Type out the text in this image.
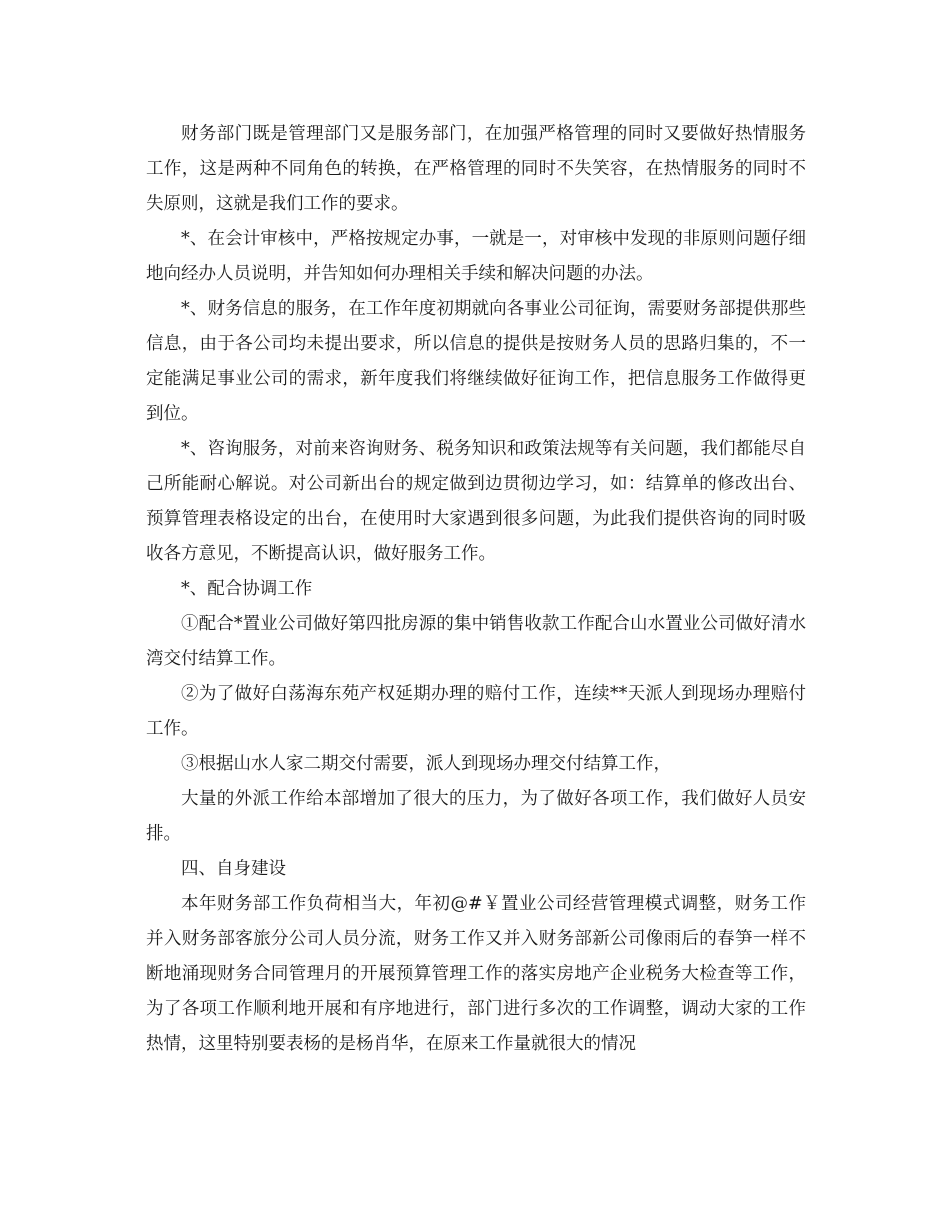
财务部门既是管理部门又是服务部门，在加强严格管理的同时又要做好热情服务工作，这是两种不同角色的转换，在严格管理的同时不失笑容，在热情服务的同时不失原则，这就是我们工作的要求。

*、在会计审核中，严格按规定办事，一就是一，对审核中发现的非原则问题仔细地向经办人员说明，并告知如何办理相关手续和解决问题的办法。

*、财务信息的服务，在工作年度初期就向各事业公司征询，需要财务部提供那些信息，由于各公司均未提出要求，所以信息的提供是按财务人员的思路归集的，不一定能满足事业公司的需求，新年度我们将继续做好征询工作，把信息服务工作做得更到位。

*、咨询服务，对前来咨询财务、税务知识和政策法规等有关问题，我们都能尽自己所能耐心解说。对公司新出台的规定做到边贯彻边学习，如：结算单的修改出台、预算管理表格设定的出台，在使用时大家遇到很多问题，为此我们提供咨询的同时吸收各方意见，不断提高认识，做好服务工作。

*、配合协调工作

①配合*置业公司做好第四批房源的集中销售收款工作配合山水置业公司做好清水湾交付结算工作。

②为了做好白荡海东苑产权延期办理的赔付工作，连续**天派人到现场办理赔付工作。

③根据山水人家二期交付需要，派人到现场办理交付结算工作，

大量的外派工作给本部增加了很大的压力，为了做好各项工作，我们做好人员安排。

四、自身建设

本年财务部工作负荷相当大，年初@#￥置业公司经营管理模式调整，财务工作并入财务部客旅分公司人员分流，财务工作又并入财务部新公司像雨后的春笋一样不断地涌现财务合同管理月的开展预算管理工作的落实房地产企业税务大检查等工作，为了各项工作顺利地开展和有序地进行，部门进行多次的工作调整，调动大家的工作热情，这里特别要表杨的是杨肖华，在原来工作量就很大的情况
